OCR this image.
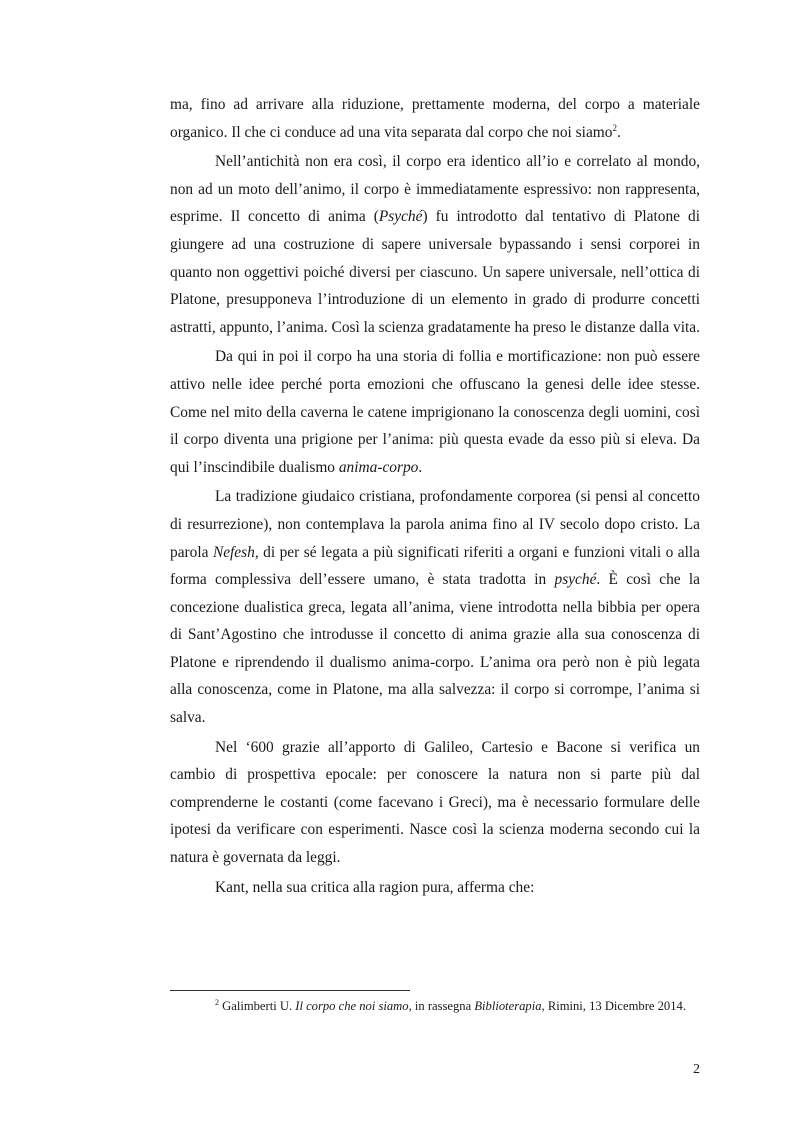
ma, fino ad arrivare alla riduzione, prettamente moderna, del corpo a materiale organico. Il che ci conduce ad una vita separata dal corpo che noi siamo$^2$.

Nell’antichità non era così, il corpo era identico all’io e correlato al mondo, non ad un moto dell’animo, il corpo è immediatamente espressivo: non rappresenta, esprime. Il concetto di anima (Psyché) fu introdotto dal tentativo di Platone di giungere ad una costruzione di sapere universale bypassando i sensi corporei in quanto non oggettivi poiché diversi per ciascuno. Un sapere universale, nell’ottica di Platone, presupponeva l’introduzione di un elemento in grado di produrre concetti astratti, appunto, l’anima. Così la scienza gradatamente ha preso le distanze dalla vita.

Da qui in poi il corpo ha una storia di follia e mortificazione: non può essere attivo nelle idee perché porta emozioni che offuscano la genesi delle idee stesse. Come nel mito della caverna le catene imprigionano la conoscenza degli uomini, così il corpo diventa una prigione per l’anima: più questa evade da esso più si eleva. Da qui l’inscindibile dualismo anima-corpo.

La tradizione giudaico cristiana, profondamente corporea (si pensi al concetto di resurrezione), non contemplava la parola anima fino al IV secolo dopo cristo. La parola Nefesh, di per sé legata a più significati riferiti a organi e funzioni vitali o alla forma complessiva dell’essere umano, è stata tradotta in psyché. È così che la concezione dualistica greca, legata all’anima, viene introdotta nella bibbia per opera di Sant’Agostino che introdusse il concetto di anima grazie alla sua conoscenza di Platone e riprendendo il dualismo anima-corpo. L’anima ora però non è più legata alla conoscenza, come in Platone, ma alla salvezza: il corpo si corrompe, l’anima si salva.

Nel ‘600 grazie all’apporto di Galileo, Cartesio e Bacone si verifica un cambio di prospettiva epocale: per conoscere la natura non si parte più dal comprenderne le costanti (come facevano i Greci), ma è necessario formulare delle ipotesi da verificare con esperimenti. Nasce così la scienza moderna secondo cui la natura è governata da leggi.

Kant, nella sua critica alla ragion pura, afferma che:

$^2$ Galimberti U. Il corpo che noi siamo, in rassegna Biblioterapia, Rimini, 13 Dicembre 2014.

2
